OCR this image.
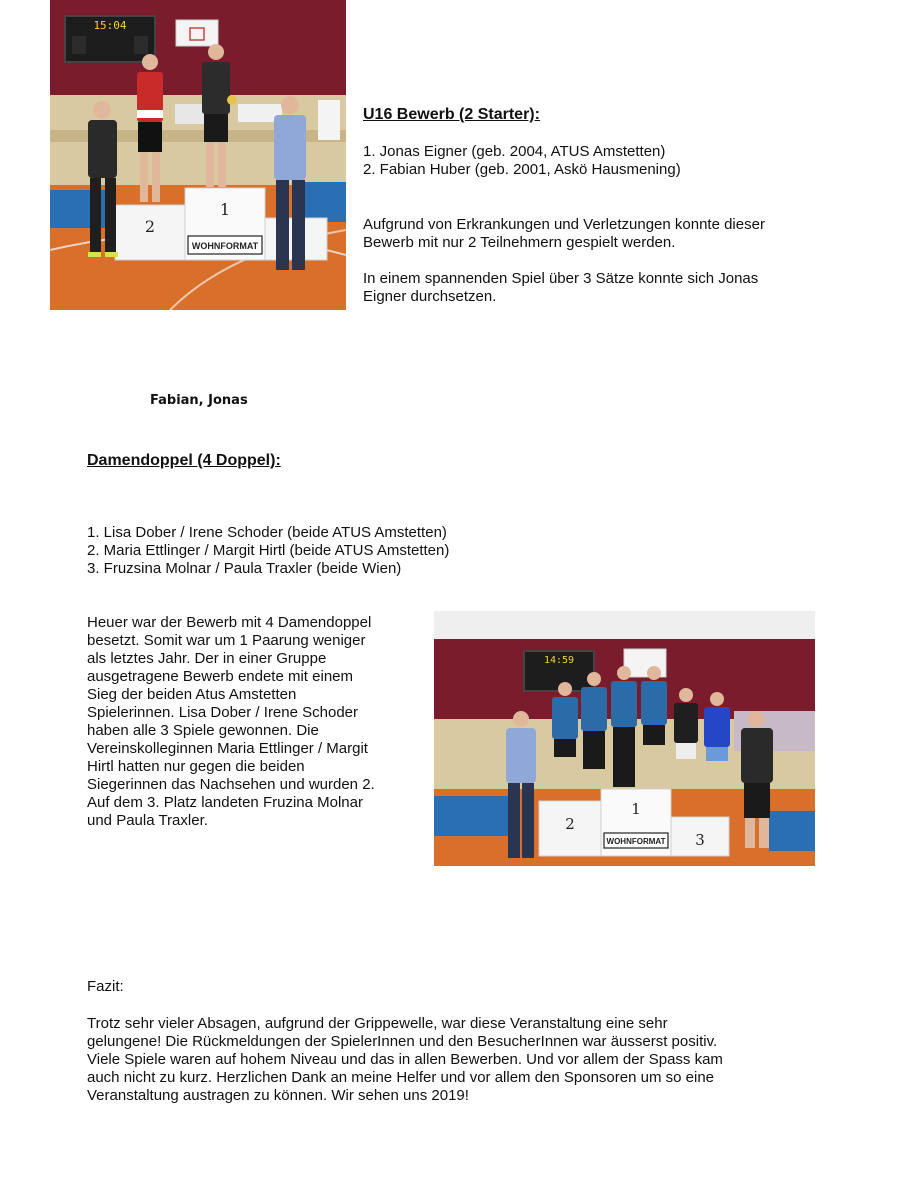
15:04
2
1
WOHNFORMAT
U16 Bewerb (2 Starter):
1. Jonas Eigner (geb. 2004, ATUS Amstetten)
2. Fabian Huber (geb. 2001, Askö Hausmening)
Aufgrund von Erkrankungen und Verletzungen konnte dieser
Bewerb mit nur 2 Teilnehmern gespielt werden.
In einem spannenden Spiel über 3 Sätze konnte sich Jonas
Eigner durchsetzen.
Fabian, Jonas
Damendoppel (4 Doppel):
1. Lisa Dober / Irene Schoder (beide ATUS Amstetten)
2. Maria Ettlinger / Margit Hirtl (beide ATUS Amstetten)
3. Fruzsina Molnar / Paula Traxler (beide Wien)
Heuer war der Bewerb mit 4 Damendoppel
besetzt. Somit war um 1 Paarung weniger
als letztes Jahr. Der in einer Gruppe
ausgetragene Bewerb endete mit einem
Sieg der beiden Atus Amstetten
Spielerinnen. Lisa Dober / Irene Schoder
haben alle 3 Spiele gewonnen. Die
Vereinskolleginnen Maria Ettlinger / Margit
Hirtl hatten nur gegen die beiden
Siegerinnen das Nachsehen und wurden 2.
Auf dem 3. Platz landeten Fruzina Molnar
und Paula Traxler.
14:59
1
2
3
WOHNFORMAT
Fazit:
Trotz sehr vieler Absagen, aufgrund der Grippewelle, war diese Veranstaltung eine sehr
gelungene! Die Rückmeldungen der SpielerInnen und den BesucherInnen war äusserst positiv.
Viele Spiele waren auf hohem Niveau und das in allen Bewerben. Und vor allem der Spass kam
auch nicht zu kurz. Herzlichen Dank an meine Helfer und vor allem den Sponsoren um so eine
Veranstaltung austragen zu können. Wir sehen uns 2019!
